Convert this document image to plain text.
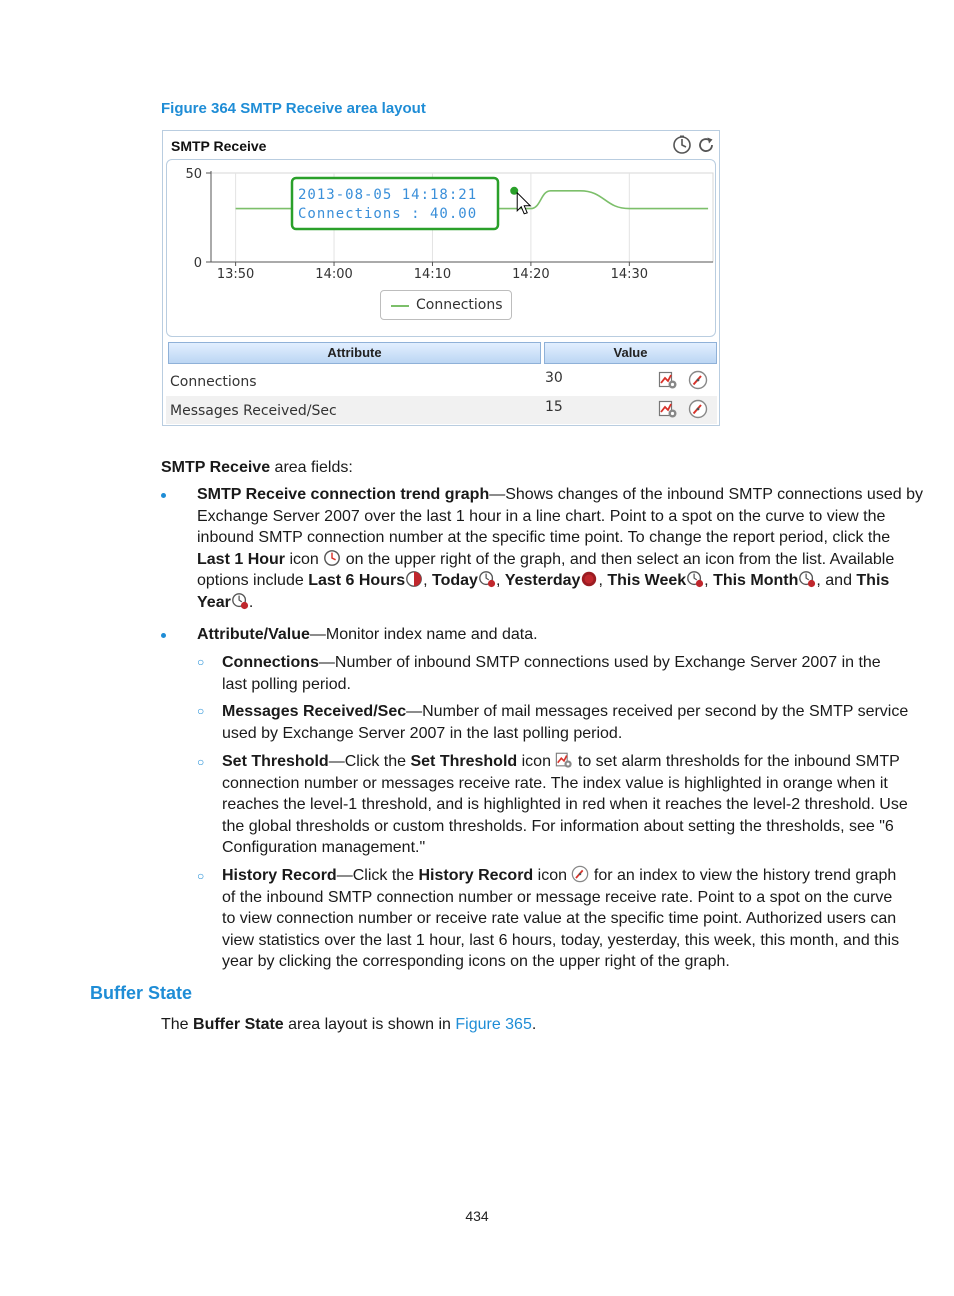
Figure 364 SMTP Receive area layout
SMTP Receive
13:50	14:00	14:10	14:20	14:30
0
50
2013-08-05 14:18:21
Connections : 40.00
Connections
Attribute	Value
Connections	30
Messages Received/Sec	15
SMTP Receive area fields:
SMTP Receive connection trend graph—Shows changes of the inbound SMTP connections used by
Exchange Server 2007 over the last 1 hour in a line chart. Point to a spot on the curve to view the
inbound SMTP connection number at the specific time point. To change the report period, click the
Last 1 Hour icon  on the upper right of the graph, and then select an icon from the list. Available
options include Last 6 Hours , Today , Yesterday , This Week , This Month , and This
Year .
Attribute/Value—Monitor index name and data.
○ Connections—Number of inbound SMTP connections used by Exchange Server 2007 in the
last polling period.
○ Messages Received/Sec—Number of mail messages received per second by the SMTP service
used by Exchange Server 2007 in the last polling period.
○ Set Threshold—Click the Set Threshold icon  to set alarm thresholds for the inbound SMTP
connection number or messages receive rate. The index value is highlighted in orange when it
reaches the level-1 threshold, and is highlighted in red when it reaches the level-2 threshold. Use
the global thresholds or custom thresholds. For information about setting the thresholds, see "6
Configuration management."
○ History Record—Click the History Record icon  for an index to view the history trend graph
of the inbound SMTP connection number or message receive rate. Point to a spot on the curve
to view connection number or receive rate value at the specific time point. Authorized users can
view statistics over the last 1 hour, last 6 hours, today, yesterday, this week, this month, and this
year by clicking the corresponding icons on the upper right of the graph.
Buffer State
The Buffer State area layout is shown in Figure 365.
434
